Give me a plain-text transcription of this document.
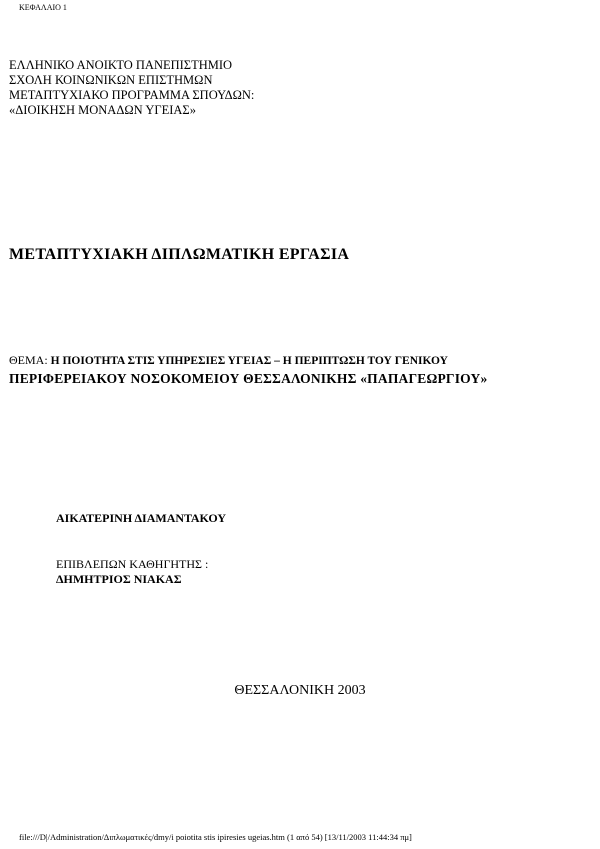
ΚΕΦΑΛΑΙΟ 1
ΕΛΛΗΝΙΚΟ ΑΝΟΙΚΤΟ ΠΑΝΕΠΙΣΤΗΜΙΟ
ΣΧΟΛΗ ΚΟΙΝΩΝΙΚΩΝ ΕΠΙΣΤΗΜΩΝ
ΜΕΤΑΠΤΥΧΙΑΚΟ ΠΡΟΓΡΑΜΜΑ ΣΠΟΥΔΩΝ:
«ΔΙΟΙΚΗΣΗ ΜΟΝΑΔΩΝ ΥΓΕΙΑΣ»
ΜΕΤΑΠΤΥΧΙΑΚΗ ΔΙΠΛΩΜΑΤΙΚΗ ΕΡΓΑΣΙΑ
ΘΕΜΑ: Η ΠΟΙΟΤΗΤΑ ΣΤΙΣ ΥΠΗΡΕΣΙΕΣ ΥΓΕΙΑΣ – Η ΠΕΡΙΠΤΩΣΗ ΤΟΥ ΓΕΝΙΚΟΥ
ΠΕΡΙΦΕΡΕΙΑΚΟΥ ΝΟΣΟΚΟΜΕΙΟΥ ΘΕΣΣΑΛΟΝΙΚΗΣ «ΠΑΠΑΓΕΩΡΓΙΟΥ»
ΑΙΚΑΤΕΡΙΝΗ ΔΙΑΜΑΝΤΑΚΟΥ
ΕΠΙΒΛΕΠΩΝ ΚΑΘΗΓΗΤΗΣ :
ΔΗΜΗΤΡΙΟΣ ΝΙΑΚΑΣ
ΘΕΣΣΑΛΟΝΙΚΗ 2003
file:///D|/Administration/Διπλωματικές/dmy/i poiotita stis ipiresies ugeias.htm (1 από 54) [13/11/2003 11:44:34 πμ]
